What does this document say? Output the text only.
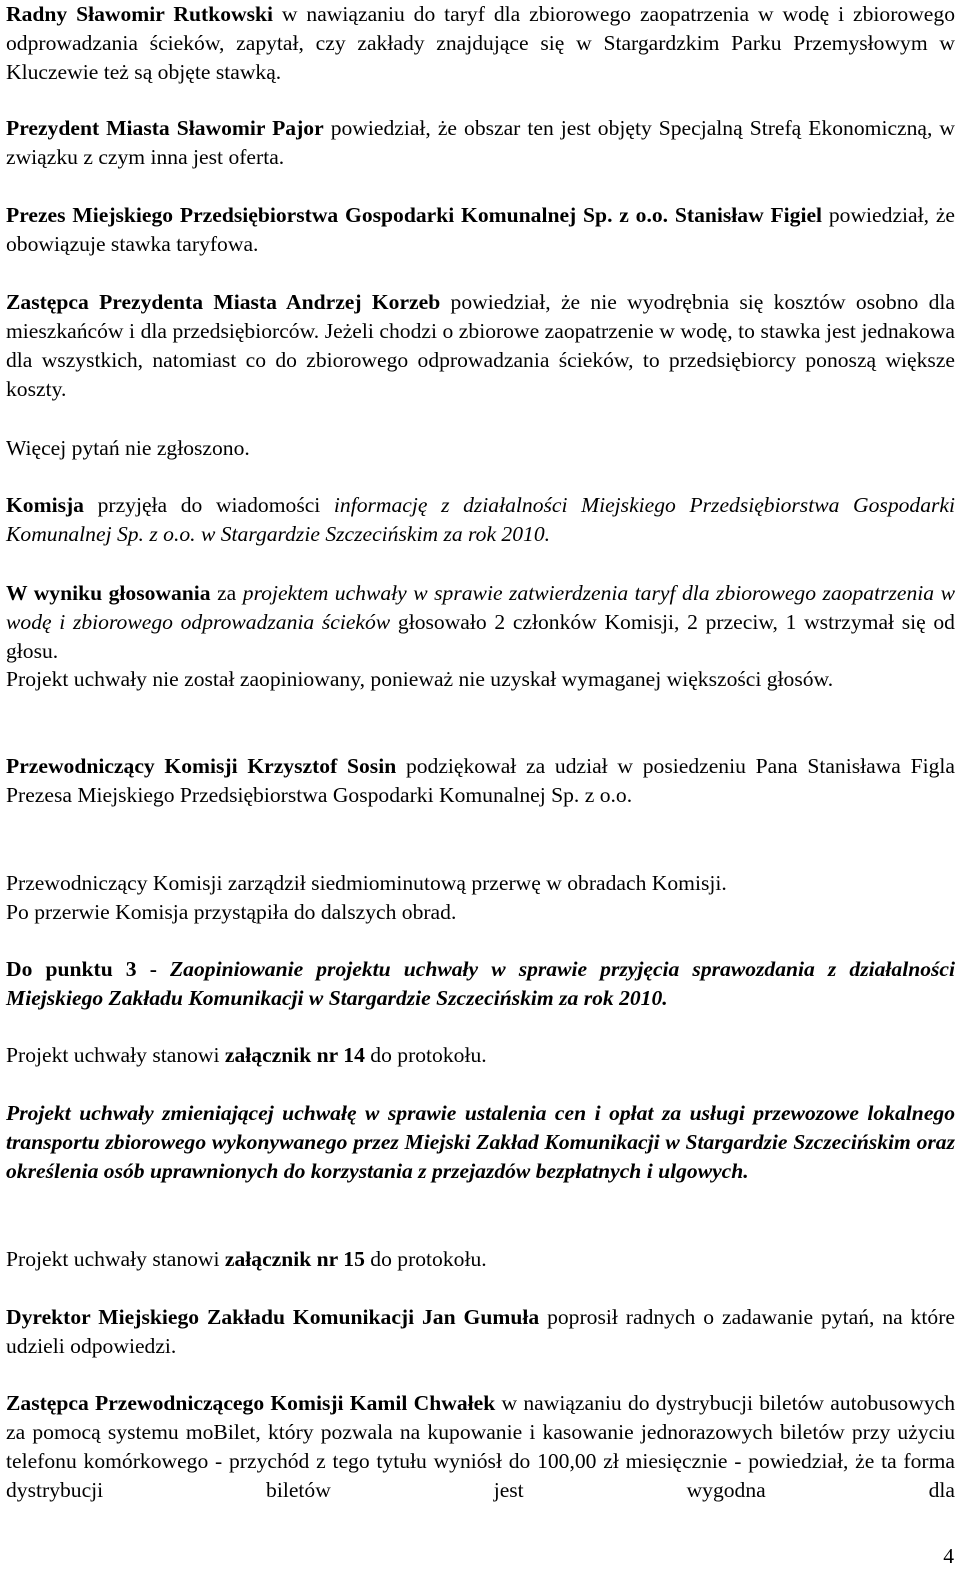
Radny Sławomir Rutkowski w nawiązaniu do taryf dla zbiorowego zaopatrzenia w wodę i zbiorowego odprowadzania ścieków, zapytał, czy zakłady znajdujące się w Stargardzkim Parku Przemysłowym w Kluczewie też są objęte stawką.

Prezydent Miasta Sławomir Pajor powiedział, że obszar ten jest objęty Specjalną Strefą Ekonomiczną, w związku z czym inna jest oferta.

Prezes Miejskiego Przedsiębiorstwa Gospodarki Komunalnej Sp. z o.o. Stanisław Figiel powiedział, że obowiązuje stawka taryfowa.

Zastępca Prezydenta Miasta Andrzej Korzeb powiedział, że nie wyodrębnia się kosztów osobno dla mieszkańców i dla przedsiębiorców. Jeżeli chodzi o zbiorowe zaopatrzenie w wodę, to stawka jest jednakowa dla wszystkich, natomiast co do zbiorowego odprowadzania ścieków, to przedsiębiorcy ponoszą większe koszty.

Więcej pytań nie zgłoszono.

Komisja przyjęła do wiadomości informację z działalności Miejskiego Przedsiębiorstwa Gospodarki Komunalnej Sp. z o.o. w Stargardzie Szczecińskim za rok 2010.

W wyniku głosowania za projektem uchwały w sprawie zatwierdzenia taryf dla zbiorowego zaopatrzenia w wodę i zbiorowego odprowadzania ścieków głosowało 2 członków Komisji, 2 przeciw, 1 wstrzymał się od głosu.

Projekt uchwały nie został zaopiniowany, ponieważ nie uzyskał wymaganej większości głosów.

Przewodniczący Komisji Krzysztof Sosin podziękował za udział w posiedzeniu Pana Stanisława Figla Prezesa Miejskiego Przedsiębiorstwa Gospodarki Komunalnej Sp. z o.o.

Przewodniczący Komisji zarządził siedmiominutową przerwę w obradach Komisji.

Po przerwie Komisja przystąpiła do dalszych obrad.

Do punktu 3 - Zaopiniowanie projektu uchwały w sprawie przyjęcia sprawozdania z działalności Miejskiego Zakładu Komunikacji w Stargardzie Szczecińskim za rok 2010.

Projekt uchwały stanowi załącznik nr 14 do protokołu.

Projekt uchwały zmieniającej uchwałę w sprawie ustalenia cen i opłat za usługi przewozowe lokalnego transportu zbiorowego wykonywanego przez Miejski Zakład Komunikacji w Stargardzie Szczecińskim oraz określenia osób uprawnionych do korzystania z przejazdów bezpłatnych i ulgowych.

Projekt uchwały stanowi załącznik nr 15 do protokołu.

Dyrektor Miejskiego Zakładu Komunikacji Jan Gumuła poprosił radnych o zadawanie pytań, na które udzieli odpowiedzi.

Zastępca Przewodniczącego Komisji Kamil Chwałek w nawiązaniu do dystrybucji biletów autobusowych za pomocą systemu moBilet, który pozwala na kupowanie i kasowanie jednorazowych biletów przy użyciu telefonu komórkowego - przychód z tego tytułu wyniósł do 100,00 zł miesięcznie - powiedział, że ta forma dystrybucji biletów jest wygodna dla

4
